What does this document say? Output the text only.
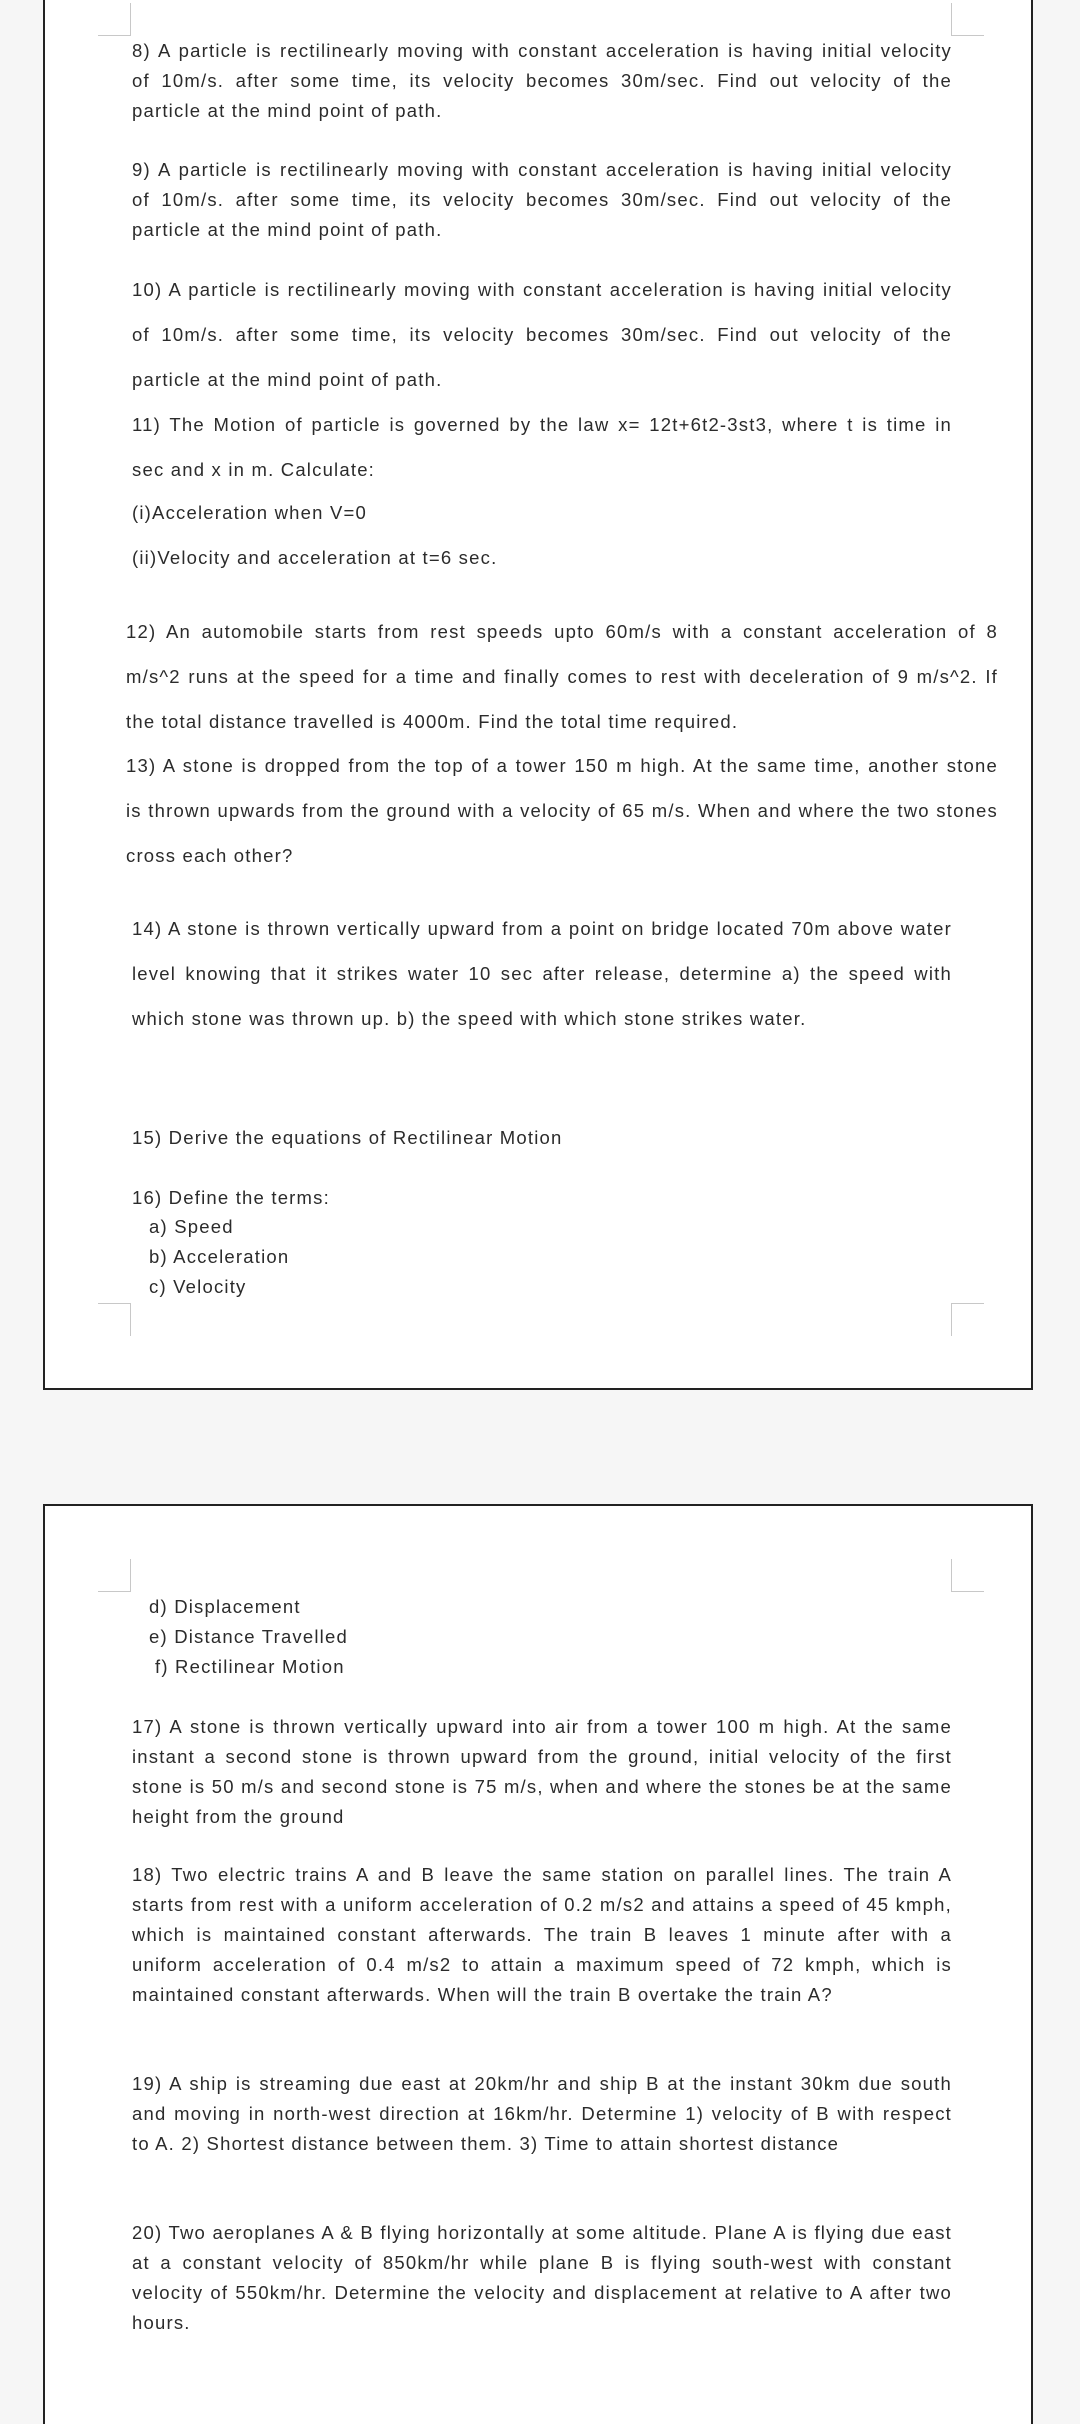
8) A particle is rectilinearly moving with constant acceleration is having initial velocity of 10m/s. after some time, its velocity becomes 30m/sec. Find out velocity of the particle at the mind point of path.

9) A particle is rectilinearly moving with constant acceleration is having initial velocity of 10m/s. after some time, its velocity becomes 30m/sec. Find out velocity of the particle at the mind point of path.

10) A particle is rectilinearly moving with constant acceleration is having initial velocity of 10m/s. after some time, its velocity becomes 30m/sec. Find out velocity of the particle at the mind point of path.

11) The Motion of particle is governed by the law x= 12t+6t2-3st3, where t is time in sec and x in m. Calculate:

(i)Acceleration when V=0

(ii)Velocity and acceleration at t=6 sec.

12) An automobile starts from rest speeds upto 60m/s with a constant acceleration of 8 m/s^2 runs at the speed for a time and finally comes to rest with deceleration of 9 m/s^2. If the total distance travelled is 4000m. Find the total time required.

13) A stone is dropped from the top of a tower 150 m high. At the same time, another stone is thrown upwards from the ground with a velocity of 65 m/s. When and where the two stones cross each other?

14) A stone is thrown vertically upward from a point on bridge located 70m above water level knowing that it strikes water 10 sec after release, determine a) the speed with which stone was thrown up. b) the speed with which stone strikes water.

15) Derive the equations of Rectilinear Motion

16) Define the terms:

a) Speed

b) Acceleration

c) Velocity

d) Displacement

e) Distance Travelled

f) Rectilinear Motion

17) A stone is thrown vertically upward into air from a tower 100 m high. At the same instant a second stone is thrown upward from the ground, initial velocity of the first stone is 50 m/s and second stone is 75 m/s, when and where the stones be at the same height from the ground

18) Two electric trains A and B leave the same station on parallel lines. The train A starts from rest with a uniform acceleration of 0.2 m/s2 and attains a speed of 45 kmph, which is maintained constant afterwards. The train B leaves 1 minute after with a uniform acceleration of 0.4 m/s2 to attain a maximum speed of 72 kmph, which is maintained constant afterwards. When will the train B overtake the train A?

19) A ship is streaming due east at 20km/hr and ship B at the instant 30km due south and moving in north-west direction at 16km/hr. Determine 1) velocity of B with respect to A. 2) Shortest distance between them. 3) Time to attain shortest distance

20) Two aeroplanes A & B flying horizontally at some altitude. Plane A is flying due east at a constant velocity of 850km/hr while plane B is flying south-west with constant velocity of 550km/hr. Determine the velocity and displacement at relative to A after two hours.
